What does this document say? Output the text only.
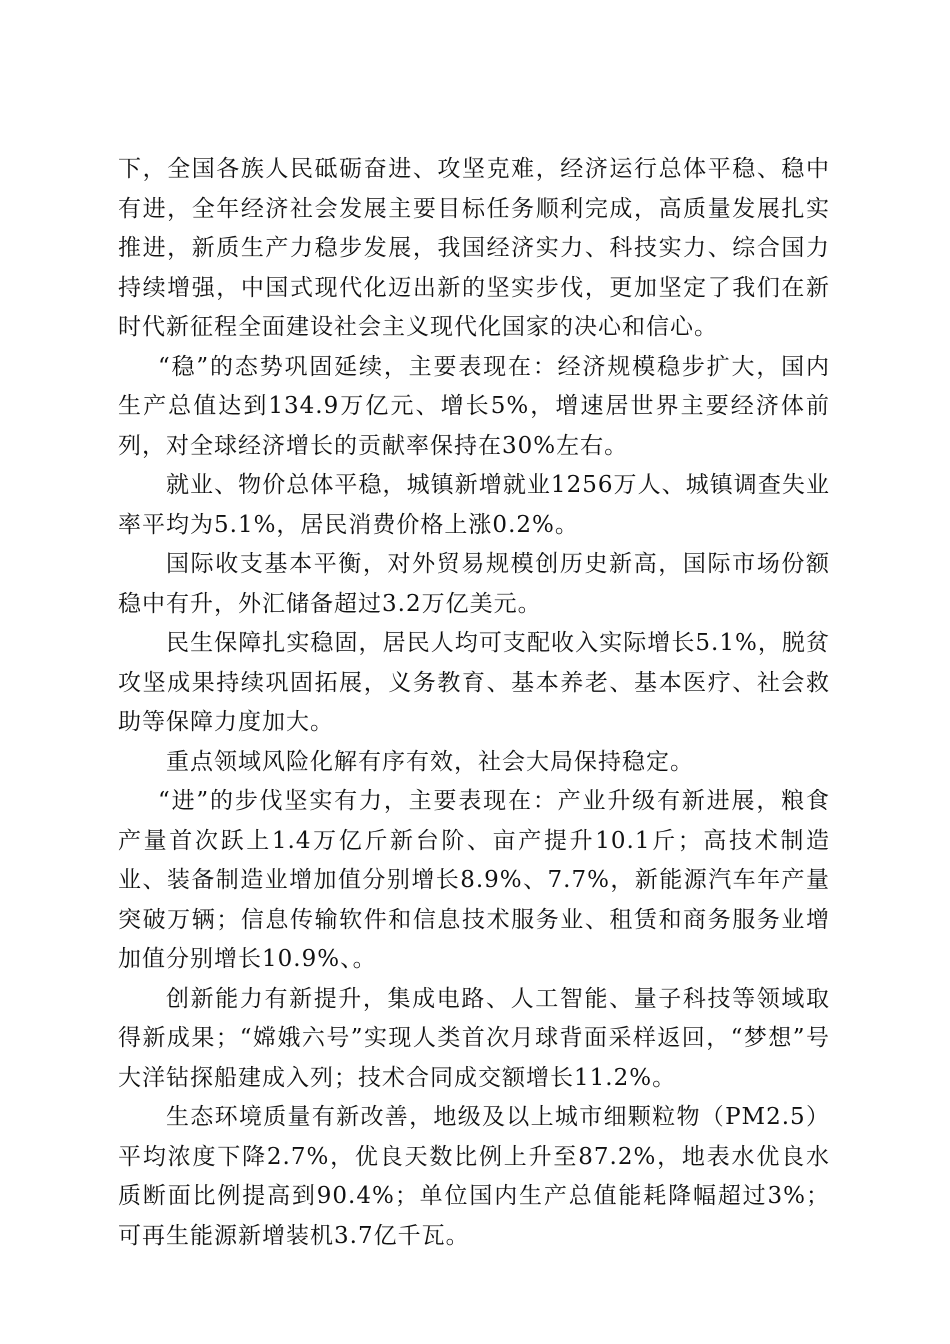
下，全国各族人民砥砺奋进、攻坚克难，经济运行总体平稳、稳中有进，全年经济社会发展主要目标任务顺利完成，高质量发展扎实推进，新质生产力稳步发展，我国经济实力、科技实力、综合国力持续增强，中国式现代化迈出新的坚实步伐，更加坚定了我们在新时代新征程全面建设社会主义现代化国家的决心和信心。

“稳”的态势巩固延续，主要表现在：经济规模稳步扩大，国内生产总值达到134.9万亿元、增长5%，增速居世界主要经济体前列，对全球经济增长的贡献率保持在30%左右。

就业、物价总体平稳，城镇新增就业1256万人、城镇调查失业率平均为5.1%，居民消费价格上涨0.2%。

国际收支基本平衡，对外贸易规模创历史新高，国际市场份额稳中有升，外汇储备超过3.2万亿美元。

民生保障扎实稳固，居民人均可支配收入实际增长5.1%，脱贫攻坚成果持续巩固拓展，义务教育、基本养老、基本医疗、社会救助等保障力度加大。

重点领域风险化解有序有效，社会大局保持稳定。

“进”的步伐坚实有力，主要表现在：产业升级有新进展，粮食产量首次跃上1.4万亿斤新台阶、亩产提升10.1斤；高技术制造业、装备制造业增加值分别增长8.9%、7.7%，新能源汽车年产量突破万辆；信息传输软件和信息技术服务业、租赁和商务服务业增加值分别增长10.9%、。

创新能力有新提升，集成电路、人工智能、量子科技等领域取得新成果；“嫦娥六号”实现人类首次月球背面采样返回，“梦想”号大洋钻探船建成入列；技术合同成交额增长11.2%。

生态环境质量有新改善，地级及以上城市细颗粒物（PM2.5）平均浓度下降2.7%，优良天数比例上升至87.2%，地表水优良水质断面比例提高到90.4%；单位国内生产总值能耗降幅超过3%；可再生能源新增装机3.7亿千瓦。
